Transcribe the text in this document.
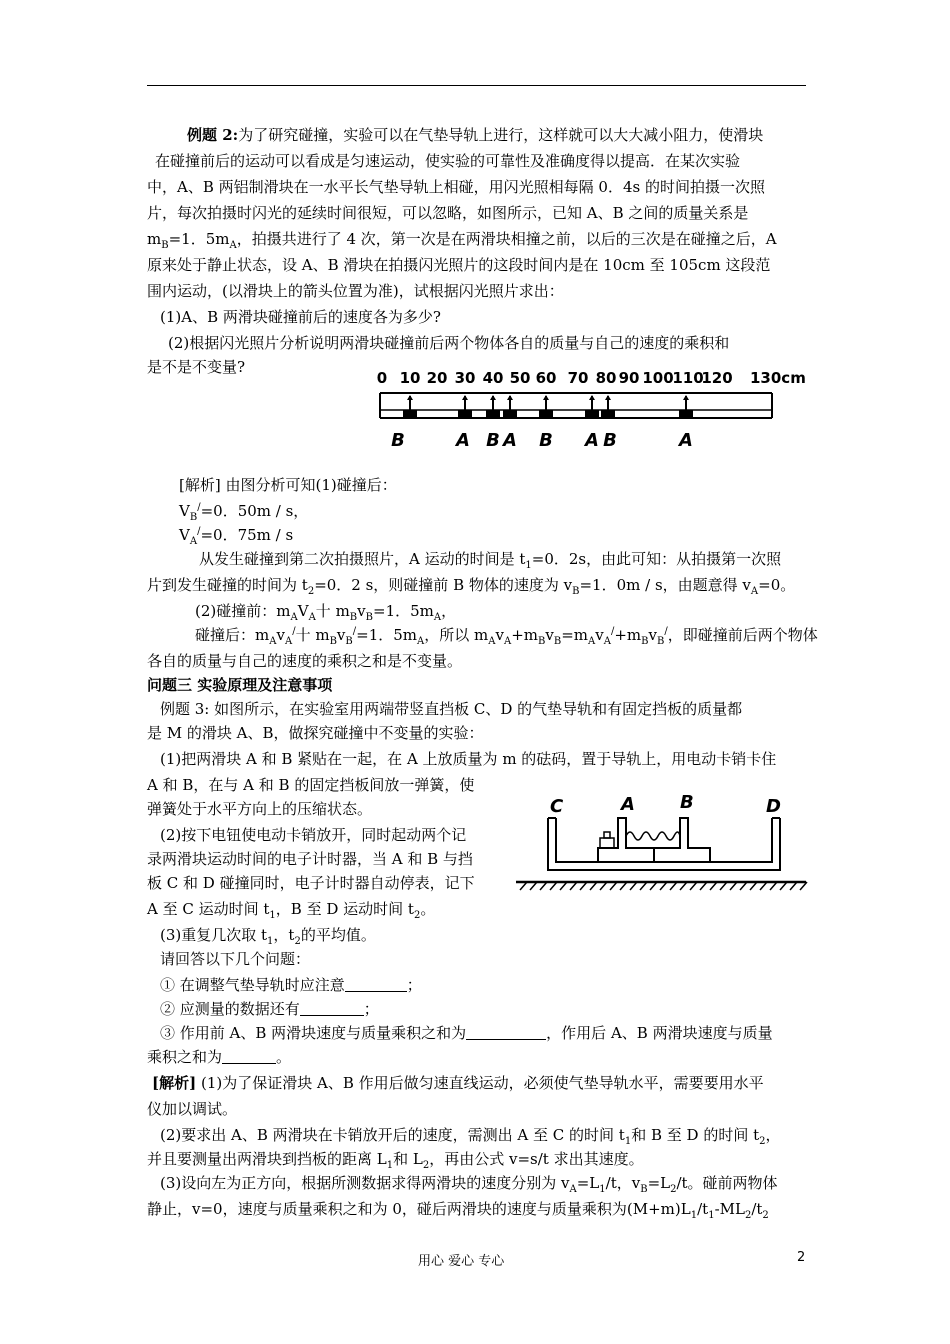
例题 2:为了研究碰撞，实验可以在气垫导轨上进行，这样就可以大大减小阻力，使滑块
在碰撞前后的运动可以看成是匀速运动，使实验的可靠性及准确度得以提高．在某次实验
中，A、B 两铝制滑块在一水平长气垫导轨上相碰，用闪光照相每隔 0．4s 的时间拍摄一次照
片，每次拍摄时闪光的延续时间很短，可以忽略，如图所示，已知 A、B 之间的质量关系是
$m_B=1$．$5m_A$，拍摄共进行了 4 次，第一次是在两滑块相撞之前，以后的三次是在碰撞之后，A
原来处于静止状态，设 A、B 滑块在拍摄闪光照片的这段时间内是在 10cm 至 105cm 这段范
围内运动，(以滑块上的箭头位置为准)，试根据闪光照片求出：
(1)A、B 两滑块碰撞前后的速度各为多少?
(2)根据闪光照片分析说明两滑块碰撞前后两个物体各自的质量与自己的速度的乘积和
是不是不变量?
0 10 20 30 40 50 60 70 80 90 100
110
120 130cm
B	A B A B A B	A
[解析] 由图分析可知(1)碰撞后：
$V_B^/=0$．50m / s，
$V_A^/=0$．75m / s
从发生碰撞到第二次拍摄照片，A 运动的时间是 $t_1=0$．2s，由此可知：从拍摄第一次照
片到发生碰撞的时间为 $t_2=0$．2 s，则碰撞前 B 物体的速度为 $v_B=1$．0m / s，由题意得 $v_A=0$。
(2)碰撞前：$m_AV_A$十 $m_Bv_B=1$．$5m_A$，
碰撞后：$m_Av_A^/$十 $m_Bv_B^/=1$．$5m_A$，所以 $m_Av_A+m_Bv_B=m_Av_A^/+m_Bv_B^/$，即碰撞前后两个物体
各自的质量与自己的速度的乘积之和是不变量。
问题三 实验原理及注意事项
例题 3: 如图所示，在实验室用两端带竖直挡板 C、D 的气垫导轨和有固定挡板的质量都
是 M 的滑块 A、B，做探究碰撞中不变量的实验：
(1)把两滑块 A 和 B 紧贴在一起，在 A 上放质量为 m 的砝码，置于导轨上，用电动卡销卡住
A 和 B，在与 A 和 B 的固定挡板间放一弹簧，使
弹簧处于水平方向上的压缩状态。
(2)按下电钮使电动卡销放开，同时起动两个记
录两滑块运动时间的电子计时器，当 A 和 B 与挡
板 C 和 D 碰撞同时，电子计时器自动停表，记下
A 至 C 运动时间 $t_1$，B 至 D 运动时间 $t_2$。
(3)重复几次取 $t_1$，$t_2$的平均值。
请回答以下几个问题：
① 在调整气垫导轨时应注意	；
② 应测量的数据还有	；
③ 作用前 A、B 两滑块速度与质量乘积之和为	，作用后 A、B 两滑块速度与质量
乘积之和为	。
C	A	B	D
[解析] (1)为了保证滑块 A、B 作用后做匀速直线运动，必须使气垫导轨水平，需要要用水平
仪加以调试。
(2)要求出 A、B 两滑块在卡销放开后的速度，需测出 A 至 C 的时间 $t_1$和 B 至 D 的时间 $t_2$，
并且要测量出两滑块到挡板的距离 $L_1$和 $L_2$，再由公式 v=s/t 求出其速度。
(3)设向左为正方向，根据所测数据求得两滑块的速度分别为 $v_A=L_1/t$，$v_B=L_2/t$。碰前两物体
静止，v=0，速度与质量乘积之和为 0，碰后两滑块的速度与质量乘积为$(M+m)L_1/t_1-ML_2/t_2$
用心 爱心 专心	2
